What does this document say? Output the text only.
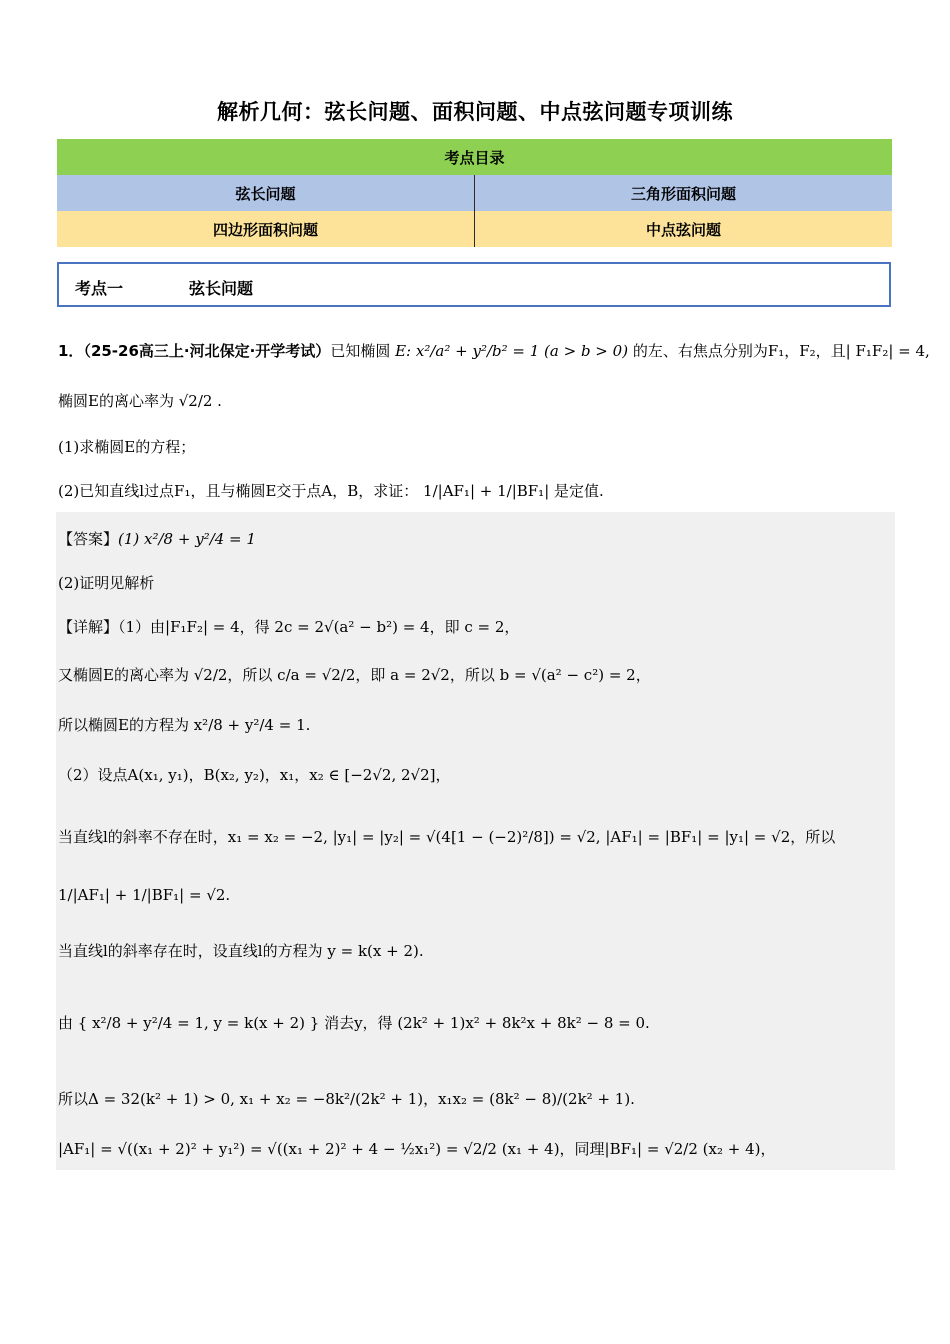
解析几何：弦长问题、面积问题、中点弦问题专项训练
考点目录	
弦长问题	三角形面积问题
四边形面积问题	中点弦问题
考点一	弦长问题
1．（25-26高三上·河北保定·开学考试）已知椭圆 E: x²/a² + y²/b² = 1 (a > b > 0) 的左、右焦点分别为F₁，F₂，且| F₁F₂| = 4,
椭圆E的离心率为 √2/2 .
(1)求椭圆E的方程；
(2)已知直线l过点F₁，且与椭圆E交于点A，B，求证： 1/|AF₁| + 1/|BF₁| 是定值.
【答案】(1) x²/8 + y²/4 = 1
(2)证明见解析
【详解】（1）由|F₁F₂| = 4，得 2c = 2√(a² − b²) = 4，即 c = 2，
又椭圆E的离心率为 √2/2，所以 c/a = √2/2，即 a = 2√2，所以 b = √(a² − c²) = 2，
所以椭圆E的方程为 x²/8 + y²/4 = 1.
（2）设点A(x₁, y₁)，B(x₂, y₂)，x₁，x₂ ∈ [−2√2, 2√2]，
当直线l的斜率不存在时，x₁ = x₂ = −2, |y₁| = |y₂| = √(4[1 − (−2)²/8]) = √2, |AF₁| = |BF₁| = |y₁| = √2，所以
1/|AF₁| + 1/|BF₁| = √2.
当直线l的斜率存在时，设直线l的方程为 y = k(x + 2).
由 { x²/8 + y²/4 = 1, y = k(x + 2) } 消去y，得 (2k² + 1)x² + 8k²x + 8k² − 8 = 0.
所以Δ = 32(k² + 1) > 0, x₁ + x₂ = −8k²/(2k² + 1)，x₁x₂ = (8k² − 8)/(2k² + 1).
|AF₁| = √((x₁ + 2)² + y₁²) = √((x₁ + 2)² + 4 − ½x₁²) = √2/2 (x₁ + 4)，同理|BF₁| = √2/2 (x₂ + 4)，
